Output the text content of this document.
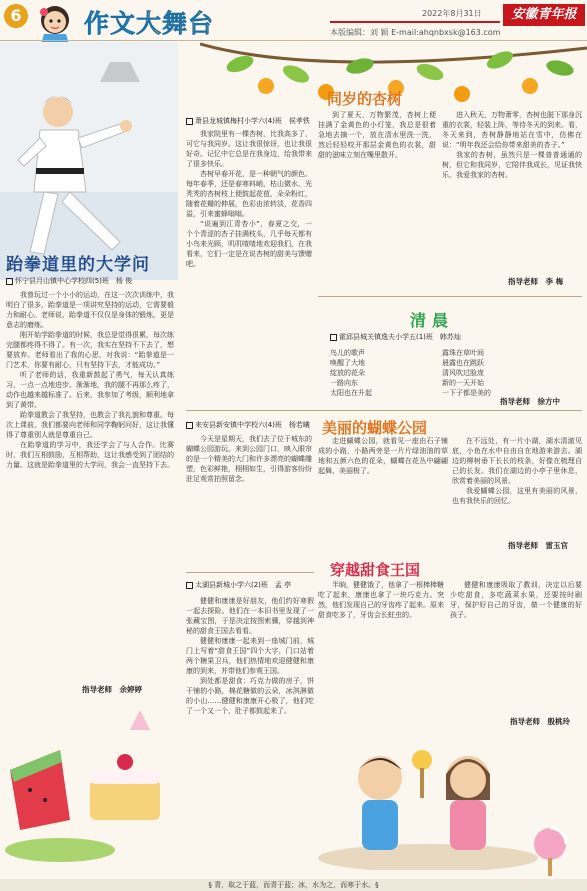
6 作文大舞台	2022年8月31日	安徽青年报
本版编辑：刘 颖 E-mail:ahqnbxsk@163.com
跆拳道里的大学问
同岁的杏树
清晨
美丽的蝴蝶公园
穿越甜食王国
怀宁县月山镇中心学校四(5)班　杨 俊

我曾玩过一个小小的运动，在这一次次训练中，我明白了很多，跆拳道是一项讲究坚持的运动，它需要毅力和耐心。老师说，跆拳道不仅仅是身体的锻炼，更是意志的磨炼。

刚开始学跆拳道的时候，我总是觉得很累，每次练完腿都疼得不得了。有一次，我实在坚持不下去了，想要放弃。老师看出了我的心思，对我说：“跆拳道是一门艺术，你要有耐心，只有坚持下去，才能成功。”

听了老师的话，我重新鼓起了勇气，每天认真练习，一点一点地进步。渐渐地，我的腿不再那么疼了，动作也越来越标准了。后来，我参加了考级，顺利地拿到了黄带。

跆拳道教会了我坚持，也教会了我礼貌和尊重。每次上课前，我们都要向老师和同学鞠躬问好，这让我懂得了尊重别人就是尊重自己。

在跆拳道的学习中，我还学会了与人合作。比赛时，我们互相鼓励，互相帮助，这让我感受到了团结的力量。这就是跆拳道里的大学问，我会一直坚持下去。

指导老师　余婷婷
萧县龙城镇梅村小学六(4)班　侯孝铁

我家院里有一棵杏树，比我高多了，可它与我同岁。这让我很惊讶，也让我很好奇。记忆中它总是在我身边，给我带来了很多快乐。

杏树早春开花，是一种朝气的颜色。每年春季，还是春寒料峭，枯山微水，光秃秃的杏树枝上便鼓起花苞，朵朵粉红，随着花瓣的伸展，色彩由浓转淡，花香四溢，引来蜜蜂嗡嗡。

“说遍到江青杏小”，春夏之交，一个个青涩的杏子挂满枝头，几乎每天都有小鸟来光顾，叽叽喳喳地欢迎我们，在我看来，它们一定是在说杏树的甜美与馈赠吧。

到了夏天，万物繁茂，杏树上便挂满了金黄色的小灯笼，我总是很着急地去摘一个，放在清水里洗一洗，然后轻轻咬开那层金黄色的衣裳，甜甜的滋味立刻在嘴里散开。

进入秋天，万物萧零，杏树也脱下那身沉重的衣裳，轻装上阵，等待冬天的到来。看，冬天来到，杏树静静地站在雪中，仿佛在说：“明年我还会给你带来甜美的杏子。”

我家的杏树，虽然只是一棵普普通通的树，但它和我同岁，它陪伴我成长，见证我快乐，我爱我家的杏树。

指导老师　李 梅
霍邱县城关镇逸夫小学五(1)班　韩苏灿
鸟儿的歌声
唤醒了大地
绽放的花朵
一路向东
太阳也在升起
露珠在草叶间
晨露也在跳跃
清风吹过脸庞
新的一天开始
一下子都是美的
指导老师　徐方中
来安县新安镇中学校六(4)班　杨若曦

今天是星期天，我们去了位于城东的蝴蝶公园游玩。来到公园门口，映入眼帘的是一个精美的大门和许多漂亮的蝴蝶雕塑，色彩鲜艳，栩栩如生，引得游客纷纷驻足观赏拍照留念。

走进蝴蝶公园，就看见一座由石子铺成的小路，小路两旁是一片片绿油油的草地和五颜六色的花朵，蝴蝶在花丛中翩翩起舞，美丽极了。

在不远处，有一片小湖，湖水清澈见底，小鱼在水中自由自在地游来游去。湖边的柳树垂下长长的枝条，好像在梳理自己的长发。我们在湖边的小亭子里休息，欣赏着美丽的风景。

我爱蝴蝶公园，这里有美丽的风景，也有我快乐的回忆。

指导老师　雷玉官
太湖县新城小学六(2)班　孟 亭

健健和康康是好朋友，他们约好寒假一起去探险。他们在一本旧书里发现了一张藏宝图，于是决定按图索骥，穿越到神秘的甜食王国去看看。

健健和康康一起来到一座城门前，城门上写着“甜食王国”四个大字，门口站着两个糖果卫兵，他们热情地欢迎健健和康康的到来，并带他们参观王国。

到处都是甜食：巧克力做的房子，饼干铺的小路，棉花糖做的云朵，冰淇淋做的小山……健健和康康开心极了，他们吃了一个又一个，肚子都鼓起来了。

半晌，健健饿了，他拿了一根棒棒糖吃了起来，康康也拿了一块巧克力。突然，他们发现自己的牙齿疼了起来。原来甜食吃多了，牙齿会长蛀虫的。

健健和康康吸取了教训，决定以后要少吃甜食，多吃蔬菜水果，还要按时刷牙，保护好自己的牙齿，做一个健康的好孩子。

指导老师　殷桃玲
§ 青，取之于蓝，而青于蓝；冰，水为之，而寒于水。§
